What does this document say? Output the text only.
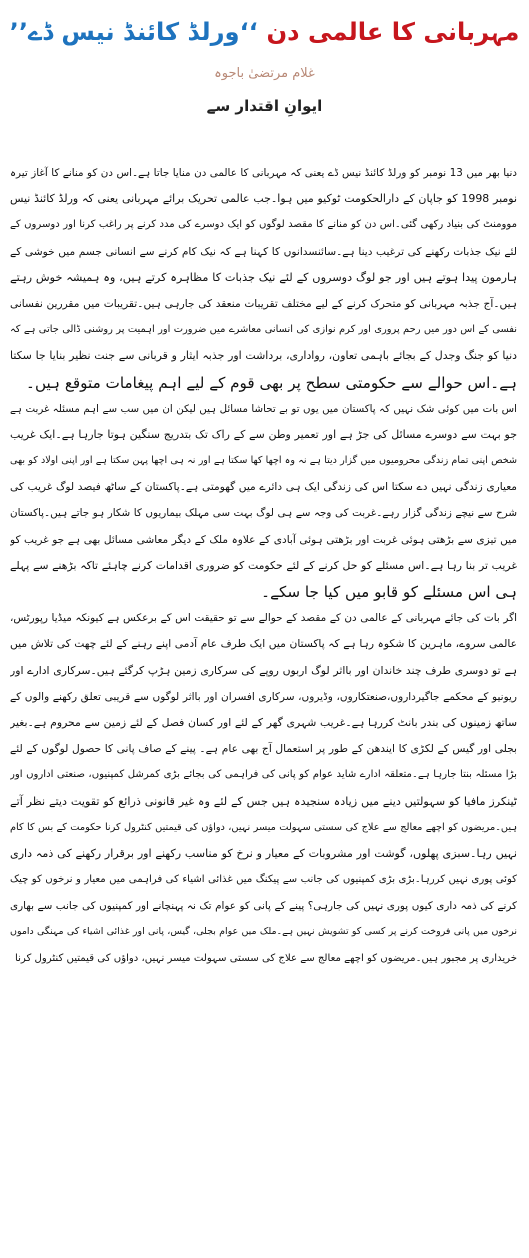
مہربانی کا عالمی دن ‘‘ورلڈ کائنڈ نیس ڈے’’
غلام مرتضیٰ باجوہ
ایوانِ اقتدار سے
دنیا بھر میں 13 نومبر کو ورلڈ کائنڈ نیس ڈے یعنی کہ مہربانی کا عالمی دن منایا جاتا ہے۔اس دن کو منانے کا آغاز تیرہ
نومبر 1998 کو جاپان کے دارالحکومت ٹوکیو میں ہوا۔جب عالمی تحریک برائے مہربانی یعنی کہ ورلڈ کائنڈ نیس
موومنٹ کی بنیاد رکھی گئی۔اس دن کو منانے کا مقصد لوگوں کو ایک دوسرے کی مدد کرنے پر راغب کرنا اور دوسروں کے
لئے نیک جذبات رکھنے کی ترغیب دینا ہے۔سائنسدانوں کا کہنا ہے کہ نیک کام کرنے سے انسانی جسم میں خوشی کے
ہارمون پیدا ہوتے ہیں اور جو لوگ دوسروں کے لئے نیک جذبات کا مظاہرہ کرتے ہیں، وہ ہمیشہ خوش رہتے
ہیں۔آج جذبہ مہربانی کو متحرک کرنے کے لیے مختلف تقریبات منعقد کی جارہی ہیں۔تقریبات میں مقررین نفسانی
نفسی کے اس دور میں رحم پروری اور کرم نوازی کی انسانی معاشرے میں ضرورت اور اہمیت پر روشنی ڈالی جاتی ہے کہ
دنیا کو جنگ وجدل کے بجائے باہمی تعاون، رواداری، برداشت اور جذبہ ایثار و قربانی سے جنت نظیر بنایا جا سکتا
ہے۔اس حوالے سے حکومتی سطح پر بھی قوم کے لیے اہم پیغامات متوقع ہیں۔
اس بات میں کوئی شک نہیں کہ پاکستان میں یوں تو بے تحاشا مسائل ہیں لیکن ان میں سب سے اہم مسئلہ غربت ہے
جو بہت سے دوسرے مسائل کی جڑ ہے اور تعمیر وطن سے کے راک تک بتدریج سنگین ہوتا جارہا ہے۔ایک غریب
شخص اپنی تمام زندگی محرومیوں میں گزار دیتا ہے نہ وہ اچھا کھا سکتا ہے اور نہ ہی اچھا پہن سکتا ہے اور اپنی اولاد کو بھی
معیاری زندگی نہیں دے سکتا اس کی زندگی ایک ہی دائرے میں گھومتی ہے۔پاکستان کے ساٹھ فیصد لوگ غریب کی
شرح سے نیچے زندگی گزار رہے۔غربت کی وجہ سے ہی لوگ بہت سی مہلک بیماریوں کا شکار ہو جاتے ہیں۔پاکستان
میں تیزی سے بڑھتی ہوئی غربت اور بڑھتی ہوئی آبادی کے علاوہ ملک کے دیگر معاشی مسائل بھی ہے جو غریب کو
غریب تر بنا رہا ہے۔اس مسئلے کو حل کرنے کے لئے حکومت کو ضروری اقدامات کرنے چاہئے تاکہ بڑھنے سے پہلے
ہی اس مسئلے کو قابو میں کیا جا سکے۔
اگر بات کی جائے مہربانی کے عالمی دن کے مقصد کے حوالے سے تو حقیقت اس کے برعکس ہے کیونکہ میڈیا رپورٹس،
عالمی سروے، ماہرین کا شکوہ رہا ہے کہ پاکستان میں ایک طرف عام آدمی اپنے رہنے کے لئے چھت کی تلاش میں
ہے تو دوسری طرف چند خاندان اور بااثر لوگ اربوں روپے کی سرکاری زمین ہڑپ کرگئے ہیں۔سرکاری ادارے اور
ریونیو کے محکمے جاگیرداروں،صنعتکاروں، وڈیروں، سرکاری افسران اور بااثر لوگوں سے قریبی تعلق رکھنے والوں کے
ساتھ زمینوں کی بندر بانٹ کررہا ہے۔غریب شہری گھر کے لئے اور کسان فصل کے لئے زمین سے محروم ہے۔بغیر
بجلی اور گیس کے لکڑی کا ایندھن کے طور پر استعمال آج بھی عام ہے۔ پینے کے صاف پانی کا حصول لوگوں کے لئے
بڑا مسئلہ بنتا جارہا ہے۔متعلقہ ادارے شاید عوام کو پانی کی فراہمی کی بجائے بڑی کمرشل کمپنیوں، صنعتی اداروں اور
ٹینکرز مافیا کو سہولتیں دینے میں زیادہ سنجیدہ ہیں جس کے لئے وہ غیر قانونی ذرائع کو تقویت دیتے نظر آتے
ہیں۔مریضوں کو اچھے معالج سے علاج کی سستی سہولت میسر نہیں، دواؤں کی قیمتیں کنٹرول کرنا حکومت کے بس کا کام
نہیں رہا۔سبزی پھلوں، گوشت اور مشروبات کے معیار و نرخ کو مناسب رکھنے اور برقرار رکھنے کی ذمہ داری
کوئی پوری نہیں کررہا۔بڑی بڑی کمپنیوں کی جانب سے پیکنگ میں غذائی اشیاء کی فراہمی میں معیار و نرخوں کو چیک
کرنے کی ذمہ داری کیوں پوری نہیں کی جارہی؟ پینے کے پانی کو عوام تک نہ پہنچانے اور کمپنیوں کی جانب سے بھاری
نرخوں میں پانی فروخت کرنے پر کسی کو تشویش نہیں ہے۔ملک میں عوام بجلی، گیس، پانی اور غذائی اشیاء کی مہنگی داموں
خریداری پر مجبور ہیں۔مریضوں کو اچھے معالج سے علاج کی سستی سہولت میسر نہیں، دواؤں کی قیمتیں کنٹرول کرنا
